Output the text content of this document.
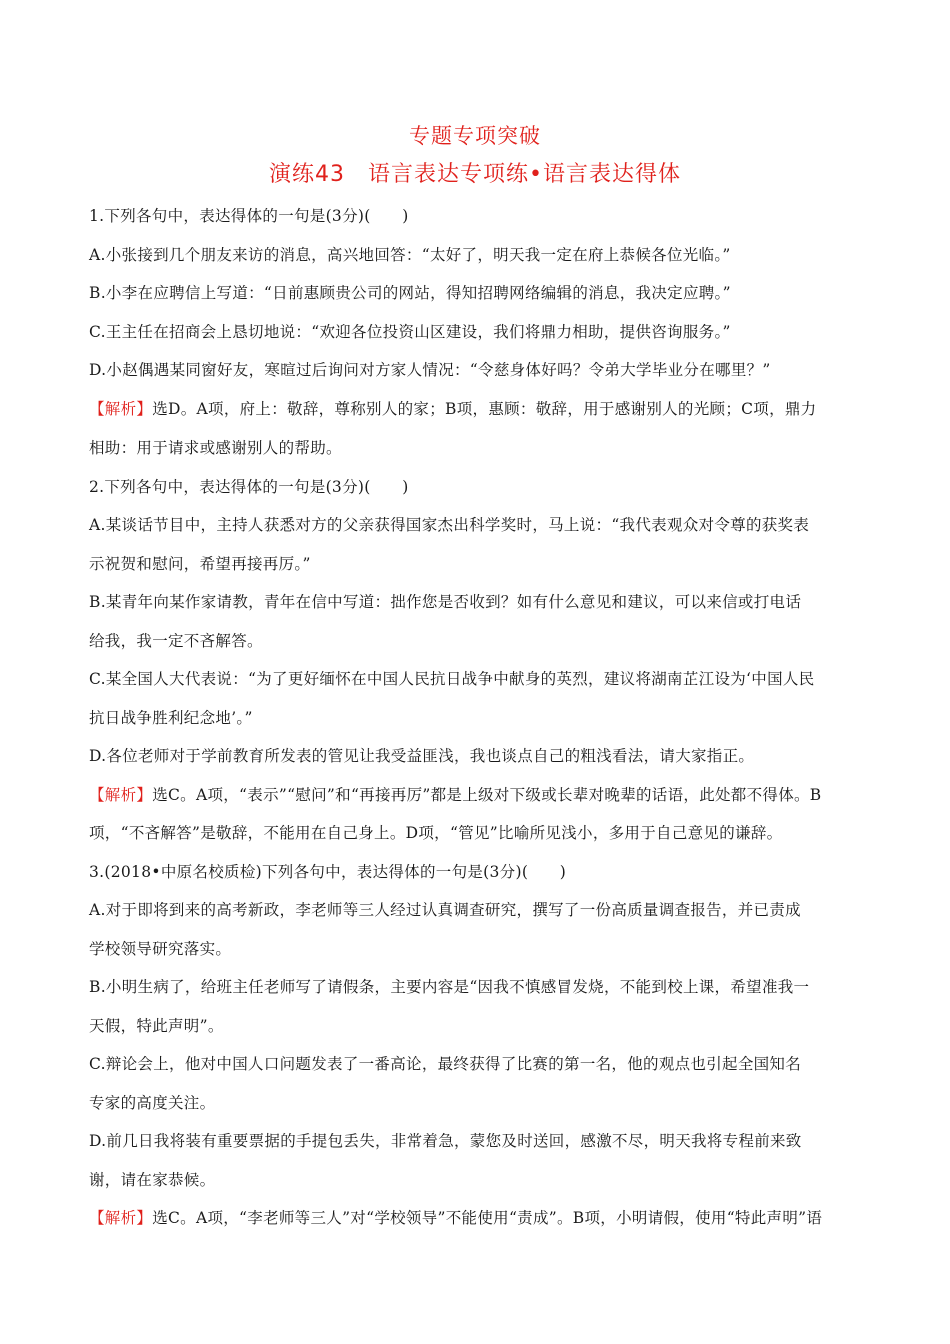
专题专项突破
演练43　语言表达专项练•语言表达得体
1.下列各句中，表达得体的一句是(3分)(　　)
A.小张接到几个朋友来访的消息，高兴地回答：“太好了，明天我一定在府上恭候各位光临。”
B.小李在应聘信上写道：“日前惠顾贵公司的网站，得知招聘网络编辑的消息，我决定应聘。”
C.王主任在招商会上恳切地说：“欢迎各位投资山区建设，我们将鼎力相助，提供咨询服务。”
D.小赵偶遇某同窗好友，寒暄过后询问对方家人情况：“令慈身体好吗？令弟大学毕业分在哪里？”
【解析】选D。A项，府上：敬辞，尊称别人的家；B项，惠顾：敬辞，用于感谢别人的光顾；C项，鼎力
相助：用于请求或感谢别人的帮助。
2.下列各句中，表达得体的一句是(3分)(　　)
A.某谈话节目中，主持人获悉对方的父亲获得国家杰出科学奖时，马上说：“我代表观众对令尊的获奖表
示祝贺和慰问，希望再接再厉。”
B.某青年向某作家请教，青年在信中写道：拙作您是否收到？如有什么意见和建议，可以来信或打电话
给我，我一定不吝解答。
C.某全国人大代表说：“为了更好缅怀在中国人民抗日战争中献身的英烈，建议将湖南芷江设为‘中国人民
抗日战争胜利纪念地’。”
D.各位老师对于学前教育所发表的管见让我受益匪浅，我也谈点自己的粗浅看法，请大家指正。
【解析】选C。A项，“表示”“慰问”和“再接再厉”都是上级对下级或长辈对晚辈的话语，此处都不得体。B
项，“不吝解答”是敬辞，不能用在自己身上。D项，“管见”比喻所见浅小，多用于自己意见的谦辞。
3.(2018•中原名校质检)下列各句中，表达得体的一句是(3分)(　　)
A.对于即将到来的高考新政，李老师等三人经过认真调查研究，撰写了一份高质量调查报告，并已责成
学校领导研究落实。
B.小明生病了，给班主任老师写了请假条，主要内容是“因我不慎感冒发烧，不能到校上课，希望准我一
天假，特此声明”。
C.辩论会上，他对中国人口问题发表了一番高论，最终获得了比赛的第一名，他的观点也引起全国知名
专家的高度关注。
D.前几日我将装有重要票据的手提包丢失，非常着急，蒙您及时送回，感激不尽，明天我将专程前来致
谢，请在家恭候。
【解析】选C。A项，“李老师等三人”对“学校领导”不能使用“责成”。B项，小明请假，使用“特此声明”语
